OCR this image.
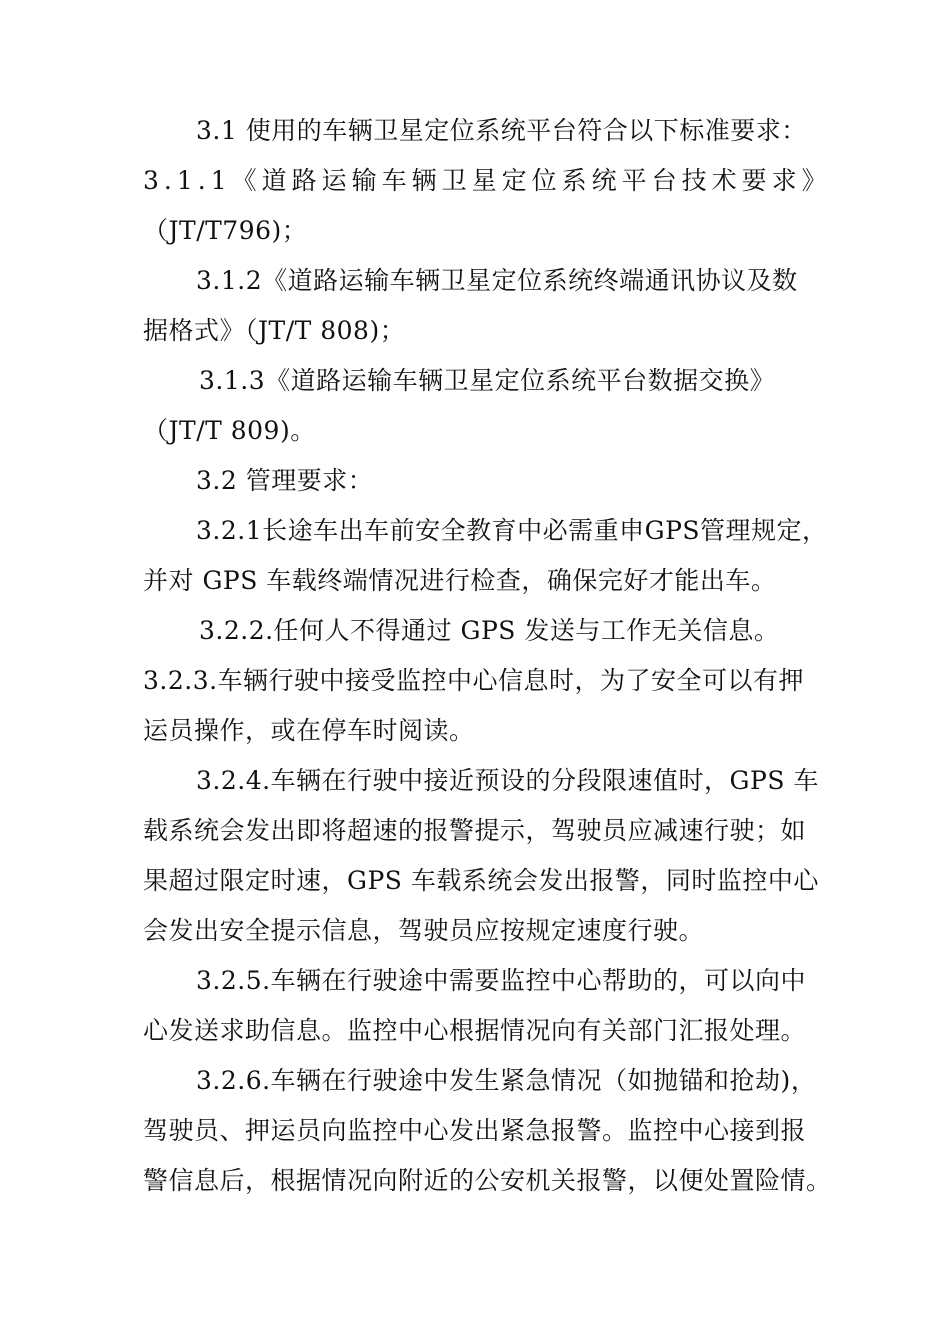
3.1 使用的车辆卫星定位系统平台符合以下标准要求：
3.1.1《道路运输车辆卫星定位系统平台技术要求》
（JT/T796)；
3.1.2《道路运输车辆卫星定位系统终端通讯协议及数
据格式》（JT/T 808)；
3.1.3《道路运输车辆卫星定位系统平台数据交换》
（JT/T 809)。
3.2 管理要求：
3.2.1长途车出车前安全教育中必需重申GPS管理规定，
并对 GPS 车载终端情况进行检查，确保完好才能出车。
3.2.2.任何人不得通过 GPS 发送与工作无关信息。
3.2.3.车辆行驶中接受监控中心信息时，为了安全可以有押
运员操作，或在停车时阅读。
3.2.4.车辆在行驶中接近预设的分段限速值时，GPS 车
载系统会发出即将超速的报警提示，驾驶员应减速行驶；如
果超过限定时速，GPS 车载系统会发出报警，同时监控中心
会发出安全提示信息，驾驶员应按规定速度行驶。
3.2.5.车辆在行驶途中需要监控中心帮助的，可以向中
心发送求助信息。监控中心根据情况向有关部门汇报处理。
3.2.6.车辆在行驶途中发生紧急情况（如抛锚和抢劫)，
驾驶员、押运员向监控中心发出紧急报警。监控中心接到报
警信息后，根据情况向附近的公安机关报警，以便处置险情。
